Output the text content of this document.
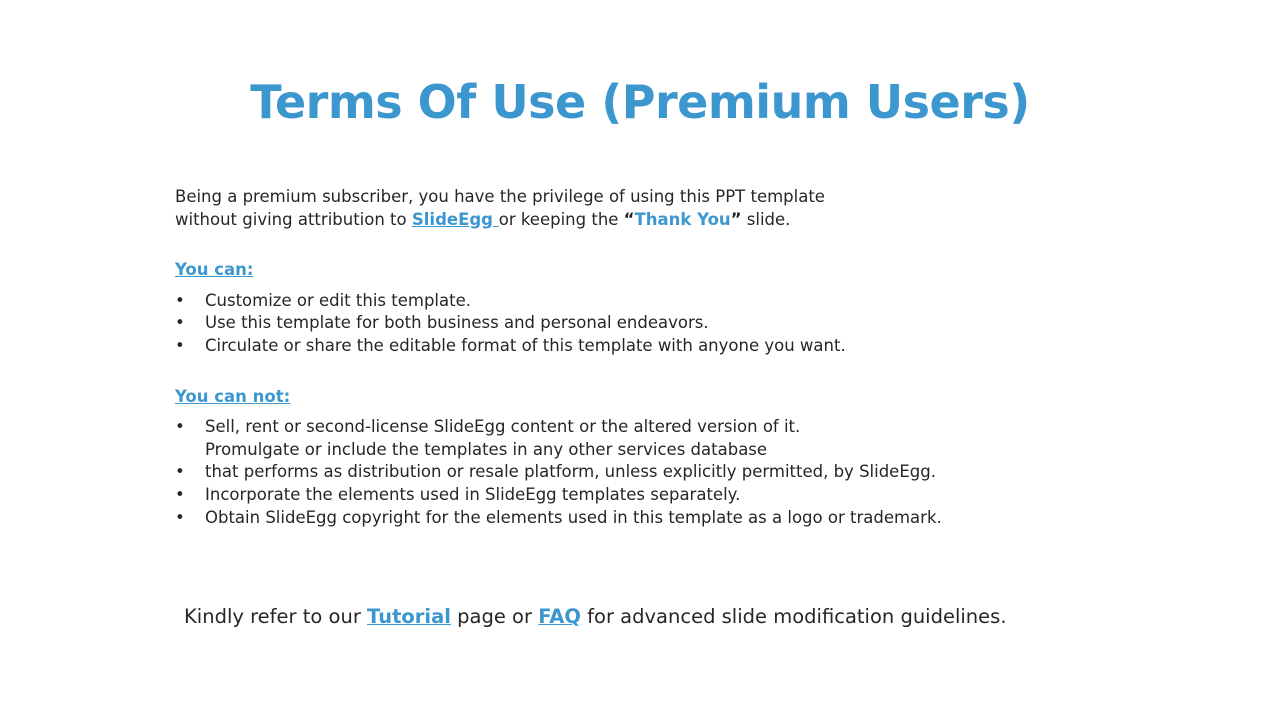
Terms Of Use (Premium Users)

Being a premium subscriber, you have the privilege of using this PPT template
without giving attribution to SlideEgg or keeping the “Thank You” slide.

You can:

• Customize or edit this template.
• Use this template for both business and personal endeavors.
• Circulate or share the editable format of this template with anyone you want.

You can not:

• Sell, rent or second-license SlideEgg content or the altered version of it.
Promulgate or include the templates in any other services database
• that performs as distribution or resale platform, unless explicitly permitted, by SlideEgg.
• Incorporate the elements used in SlideEgg templates separately.
• Obtain SlideEgg copyright for the elements used in this template as a logo or trademark.
Kindly refer to our Tutorial page or FAQ for advanced slide modification guidelines.
